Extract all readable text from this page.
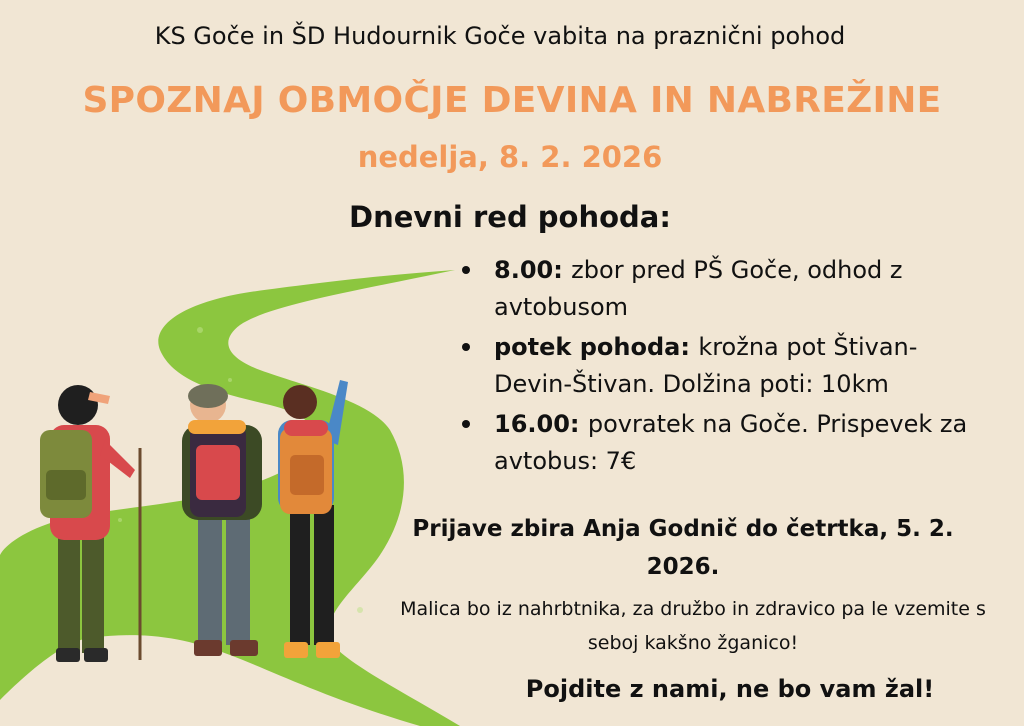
KS Goče in ŠD Hudournik Goče vabita na praznični pohod
SPOZNAJ OBMOČJE DEVINA IN NABREŽINE
nedelja, 8. 2. 2026
Dnevni red pohoda:
8.00: zbor pred PŠ Goče, odhod z avtobusom
potek pohoda: krožna pot Štivan-Devin-Štivan. Dolžina poti: 10km
16.00: povratek na Goče. Prispevek za avtobus: 7€
Prijave zbira Anja Godnič do četrtka, 5. 2. 2026.
Malica bo iz nahrbtnika, za družbo in zdravico pa le vzemite s seboj kakšno žganico!
Pojdite z nami, ne bo vam žal!
